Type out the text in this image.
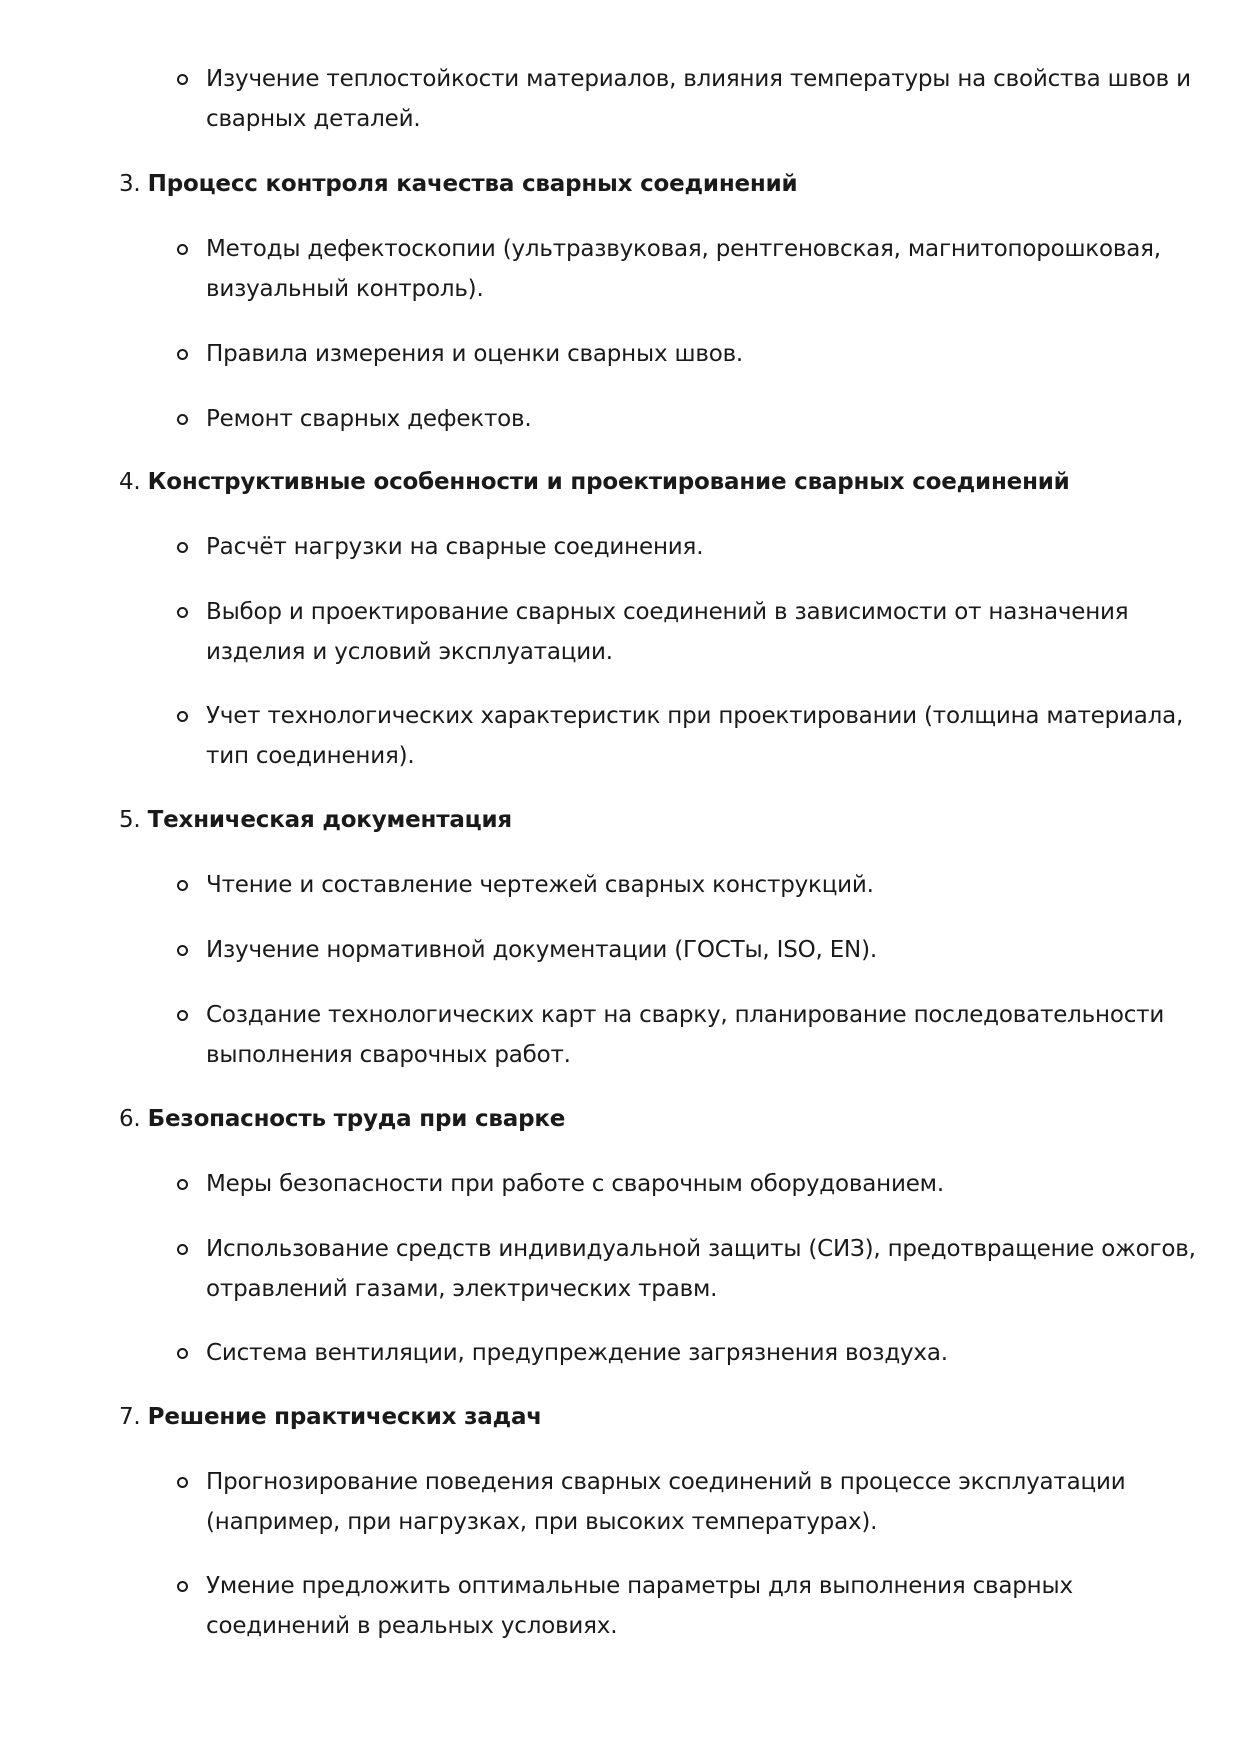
Изучение теплостойкости материалов, влияния температуры на свойства швов и
сварных деталей.
3. Процесс контроля качества сварных соединений
Методы дефектоскопии (ультразвуковая, рентгеновская, магнитопорошковая,
визуальный контроль).
Правила измерения и оценки сварных швов.
Ремонт сварных дефектов.
4. Конструктивные особенности и проектирование сварных соединений
Расчёт нагрузки на сварные соединения.
Выбор и проектирование сварных соединений в зависимости от назначения
изделия и условий эксплуатации.
Учет технологических характеристик при проектировании (толщина материала,
тип соединения).
5. Техническая документация
Чтение и составление чертежей сварных конструкций.
Изучение нормативной документации (ГОСТы, ISO, EN).
Создание технологических карт на сварку, планирование последовательности
выполнения сварочных работ.
6. Безопасность труда при сварке
Меры безопасности при работе с сварочным оборудованием.
Использование средств индивидуальной защиты (СИЗ), предотвращение ожогов,
отравлений газами, электрических травм.
Система вентиляции, предупреждение загрязнения воздуха.
7. Решение практических задач
Прогнозирование поведения сварных соединений в процессе эксплуатации
(например, при нагрузках, при высоких температурах).
Умение предложить оптимальные параметры для выполнения сварных
соединений в реальных условиях.
